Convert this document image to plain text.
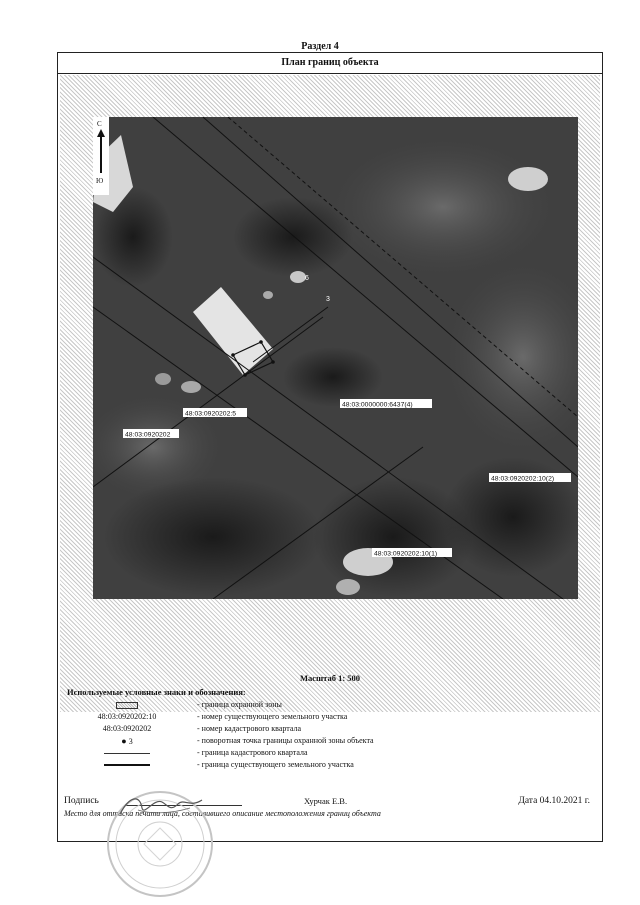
Раздел 4
План границ объекта
6
3
48:03:0920202:5
48:03:0920202
48:03:0000000:6437(4)
48:03:0920202:10(2)
48:03:0920202:10(1)
С
Ю
Масштаб 1: 500
Используемые условные знаки и обозначения:
- граница охранной зоны
48:03:0920202:10	- номер существующего земельного участка
48:03:0920202	- номер кадастрового квартала
● 3	- поворотная точка границы охранной зоны объекта
- граница кадастрового квартала
- граница существующего земельного участка
Подпись	Хурчак Е.В.	Дата 04.10.2021 г.
Место для оттиска печати лица, составившего описание местоположения границ объекта
